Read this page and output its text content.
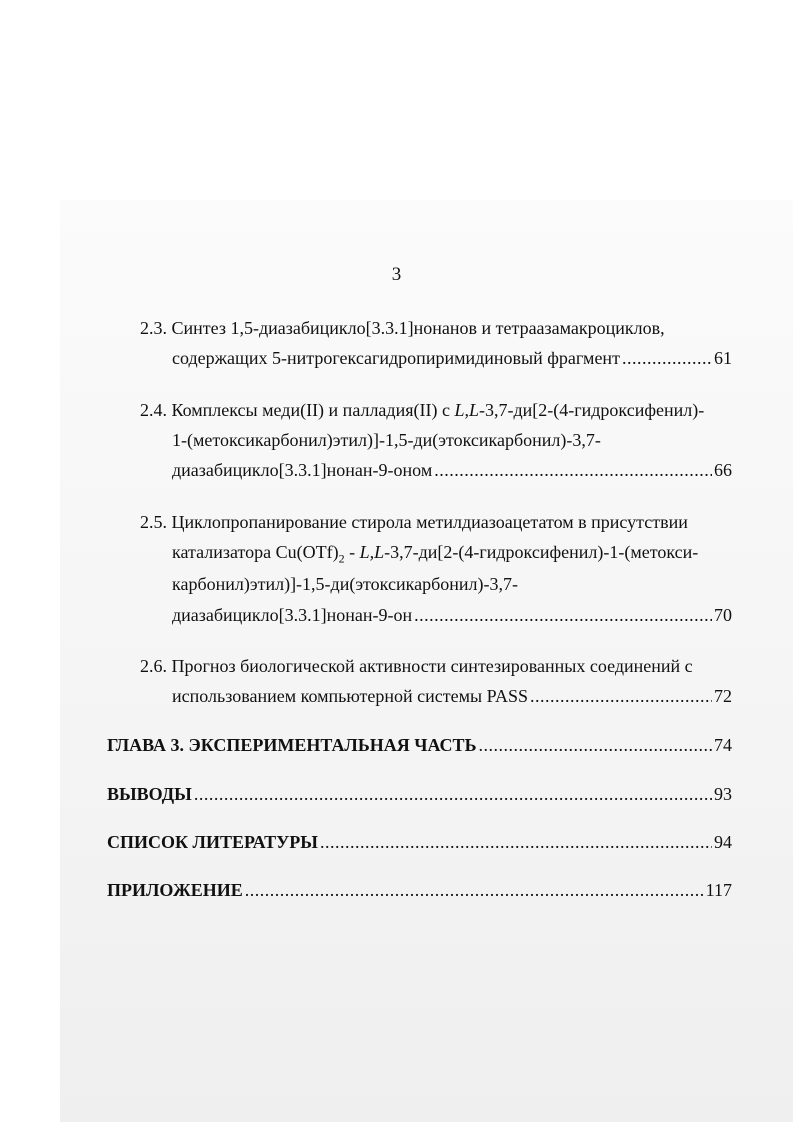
3
2.3. Синтез 1,5-диазабицикло[3.3.1]нонанов и тетраазамакроциклов,
содержащих 5-нитрогексагидропиримидиновый фрагмент .....	61
2.4. Комплексы меди(II) и палладия(II) с L,L-3,7-ди[2-(4-гидроксифенил)-
1-(метоксикарбонил)этил)]-1,5-ди(этоксикарбонил)-3,7-
диазабицикло[3.3.1]нонан-9-оном .....	66
2.5. Циклопропанирование стирола метилдиазоацетатом в присутствии
катализатора $Cu(OTf)_2$ - L,L-3,7-ди[2-(4-гидроксифенил)-1-(метокси-
карбонил)этил)]-1,5-ди(этоксикарбонил)-3,7-
диазабицикло[3.3.1]нонан-9-он .....	70
2.6. Прогноз биологической активности синтезированных соединений с
использованием компьютерной системы PASS .....	72
ГЛАВА 3. ЭКСПЕРИМЕНТАЛЬНАЯ ЧАСТЬ .....	74
ВЫВОДЫ .....	93
СПИСОК ЛИТЕРАТУРЫ .....	94
ПРИЛОЖЕНИЕ .....	117
